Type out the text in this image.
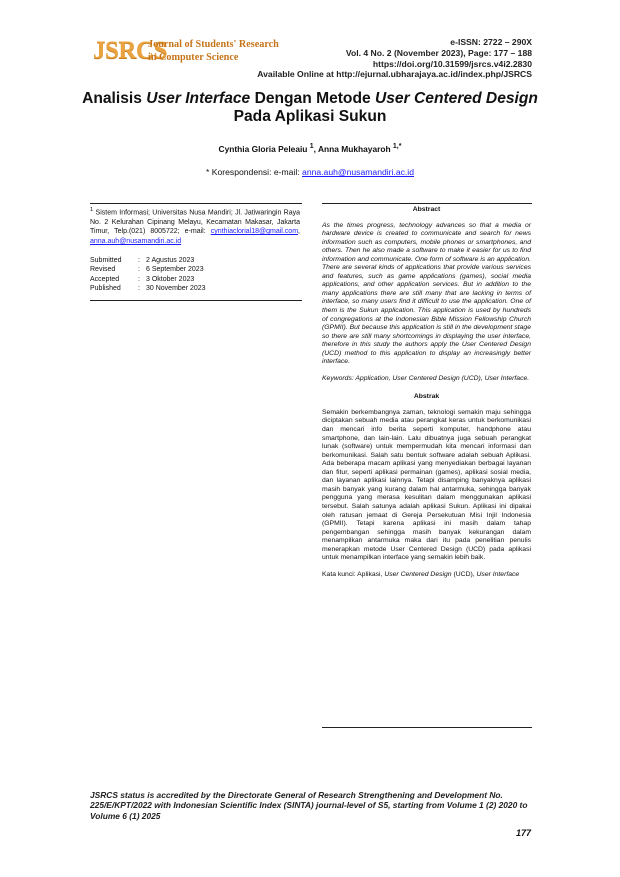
JSRCS
Journal of Students' Research
in Computer Science
e-ISSN: 2722 – 290X
Vol. 4 No. 2 (November 2023), Page: 177 – 188
https://doi.org/10.31599/jsrcs.v4i2.2830
Available Online at http://ejurnal.ubharajaya.ac.id/index.php/JSRCS
Analisis User Interface Dengan Metode User Centered Design Pada Aplikasi Sukun
Cynthia Gloria Peleaiu $^1$, Anna Mukhayaroh $^{1,*}$
* Korespondensi: e-mail: anna.auh@nusamandiri.ac.id
$^1$ Sistem Informasi; Universitas Nusa Mandiri; Jl. Jatiwaringin Raya No. 2 Kelurahan Cipinang Melayu, Kecamatan Makasar, Jakarta Timur, Telp.(021) 8005722; e-mail: cynthiaclorial18@gmail.com, anna.auh@nusamandiri.ac.id
Submitted	: 2 Agustus 2023
Revised	: 6 September 2023
Accepted	: 3 Oktober 2023
Published	: 30 November 2023
Abstract
As the times progress, technology advances so that a media or hardware device is created to communicate and search for news information such as computers, mobile phones or smartphones, and others. Then he also made a software to make it easier for us to find information and communicate. One form of software is an application. There are several kinds of applications that provide various services and features, such as game applications (games), social media applications, and other application services. But in addition to the many applications there are still many that are lacking in terms of interface, so many users find it difficult to use the application. One of them is the Sukun application. This application is used by hundreds of congregations at the Indonesian Bible Mission Fellowship Church (GPMII). But because this application is still in the development stage so there are still many shortcomings in displaying the user interface, therefore in this study the authors apply the User Centered Design (UCD) method to this application to display an increasingly better interface.
Keywords: Application, User Centered Design (UCD), User Interface.
Abstrak
Semakin berkembangnya zaman, teknologi semakin maju sehingga diciptakan sebuah media atau perangkat keras untuk berkomunikasi dan mencari info berita seperti komputer, handphone atau smartphone, dan lain-lain. Lalu dibuatnya juga sebuah perangkat lunak (software) untuk mempermudah kita mencari informasi dan berkomunikasi. Salah satu bentuk software adalah sebuah Aplikasi. Ada beberapa macam aplikasi yang menyediakan berbagai layanan dan fitur, seperti aplikasi permainan (games), aplikasi sosial media, dan layanan aplikasi lainnya. Tetapi disamping banyaknya aplikasi masih banyak yang kurang dalam hal antarmuka, sehingga banyak pengguna yang merasa kesulitan dalam menggunakan aplikasi tersebut. Salah satunya adalah aplikasi Sukun. Aplikasi ini dipakai oleh ratusan jemaat di Gereja Persekutuan Misi Injil Indonesia (GPMII). Tetapi karena aplikasi ini masih dalam tahap pengembangan sehingga masih banyak kekurangan dalam menampilkan antarmuka maka dari itu pada penelitian penulis menerapkan metode User Centered Design (UCD) pada aplikasi untuk menampilkan interface yang semakin lebih baik.
Kata kunci: Aplikasi, User Centered Design (UCD), User Interface
JSRCS status is accredited by the Directorate General of Research Strengthening and Development No. 225/E/KPT/2022 with Indonesian Scientific Index (SINTA) journal-level of S5, starting from Volume 1 (2) 2020 to Volume 6 (1) 2025
177
